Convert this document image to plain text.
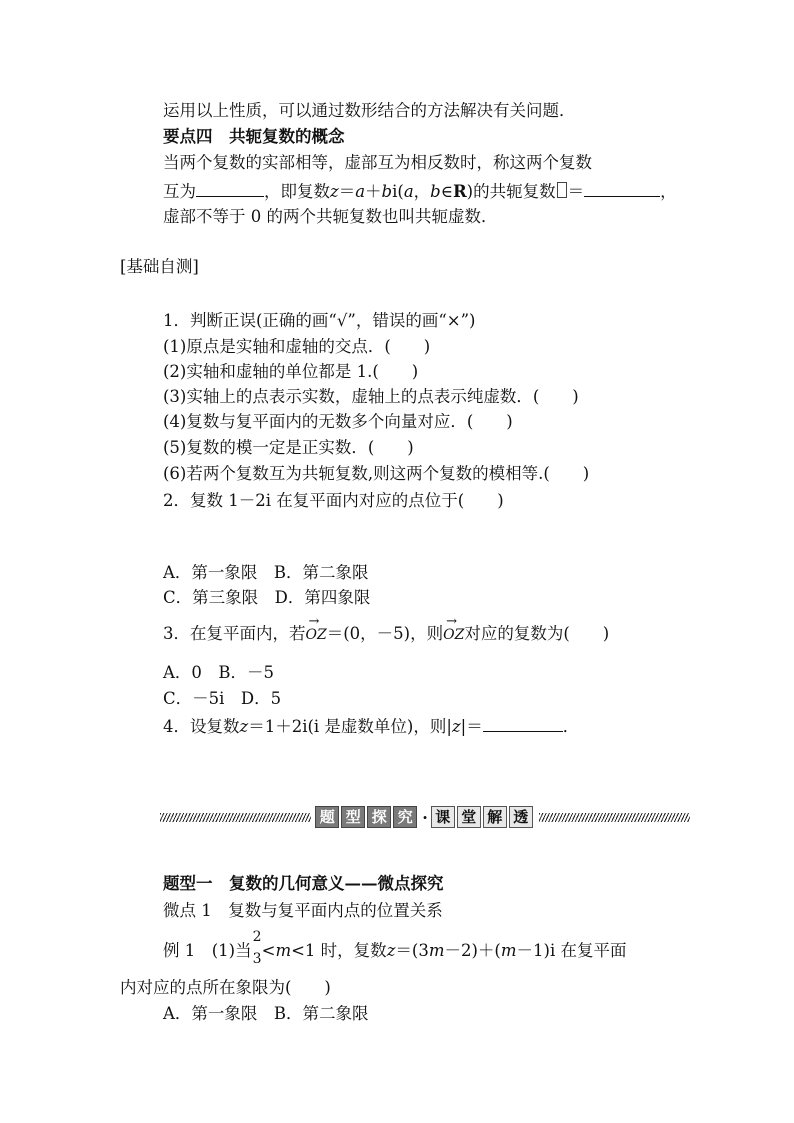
运用以上性质，可以通过数形结合的方法解决有关问题．
要点四　共轭复数的概念
当两个复数的实部相等，虚部互为相反数时，称这两个复数
互为	，即复数z＝a＋bi(a，b∈R)的共轭复数 ＝	，
虚部不等于 0 的两个共轭复数也叫共轭虚数．
[基础自测]
1．判断正误(正确的画“√”，错误的画“×”)
(1)原点是实轴和虚轴的交点．(　　)
(2)实轴和虚轴的单位都是 1.(　　)
(3)实轴上的点表示实数，虚轴上的点表示纯虚数．(　　)
(4)复数与复平面内的无数多个向量对应．(　　)
(5)复数的模一定是正实数．(　　)
(6)若两个复数互为共轭复数,则这两个复数的模相等.(　　)
2．复数 1－2i 在复平面内对应的点位于(　　)
A．第一象限　B．第二象限
C．第三象限　D．第四象限
3．在复平面内，若→ OZ＝(0，－5)，则→ OZ对应的复数为(　　)
A．0　B．－5
C．－5i　D．5
4．设复数z＝1＋2i(i 是虚数单位)，则|z|＝	．
题 型 探 究 · 课 堂 解 透
题型一　复数的几何意义——微点探究
微点 1　复数与复平面内点的位置关系
例 1　(1)当
2
3 <m<1 时，复数z＝(3m－2)＋(m－1)i 在复平面
内对应的点所在象限为(　　)
A．第一象限　B．第二象限
